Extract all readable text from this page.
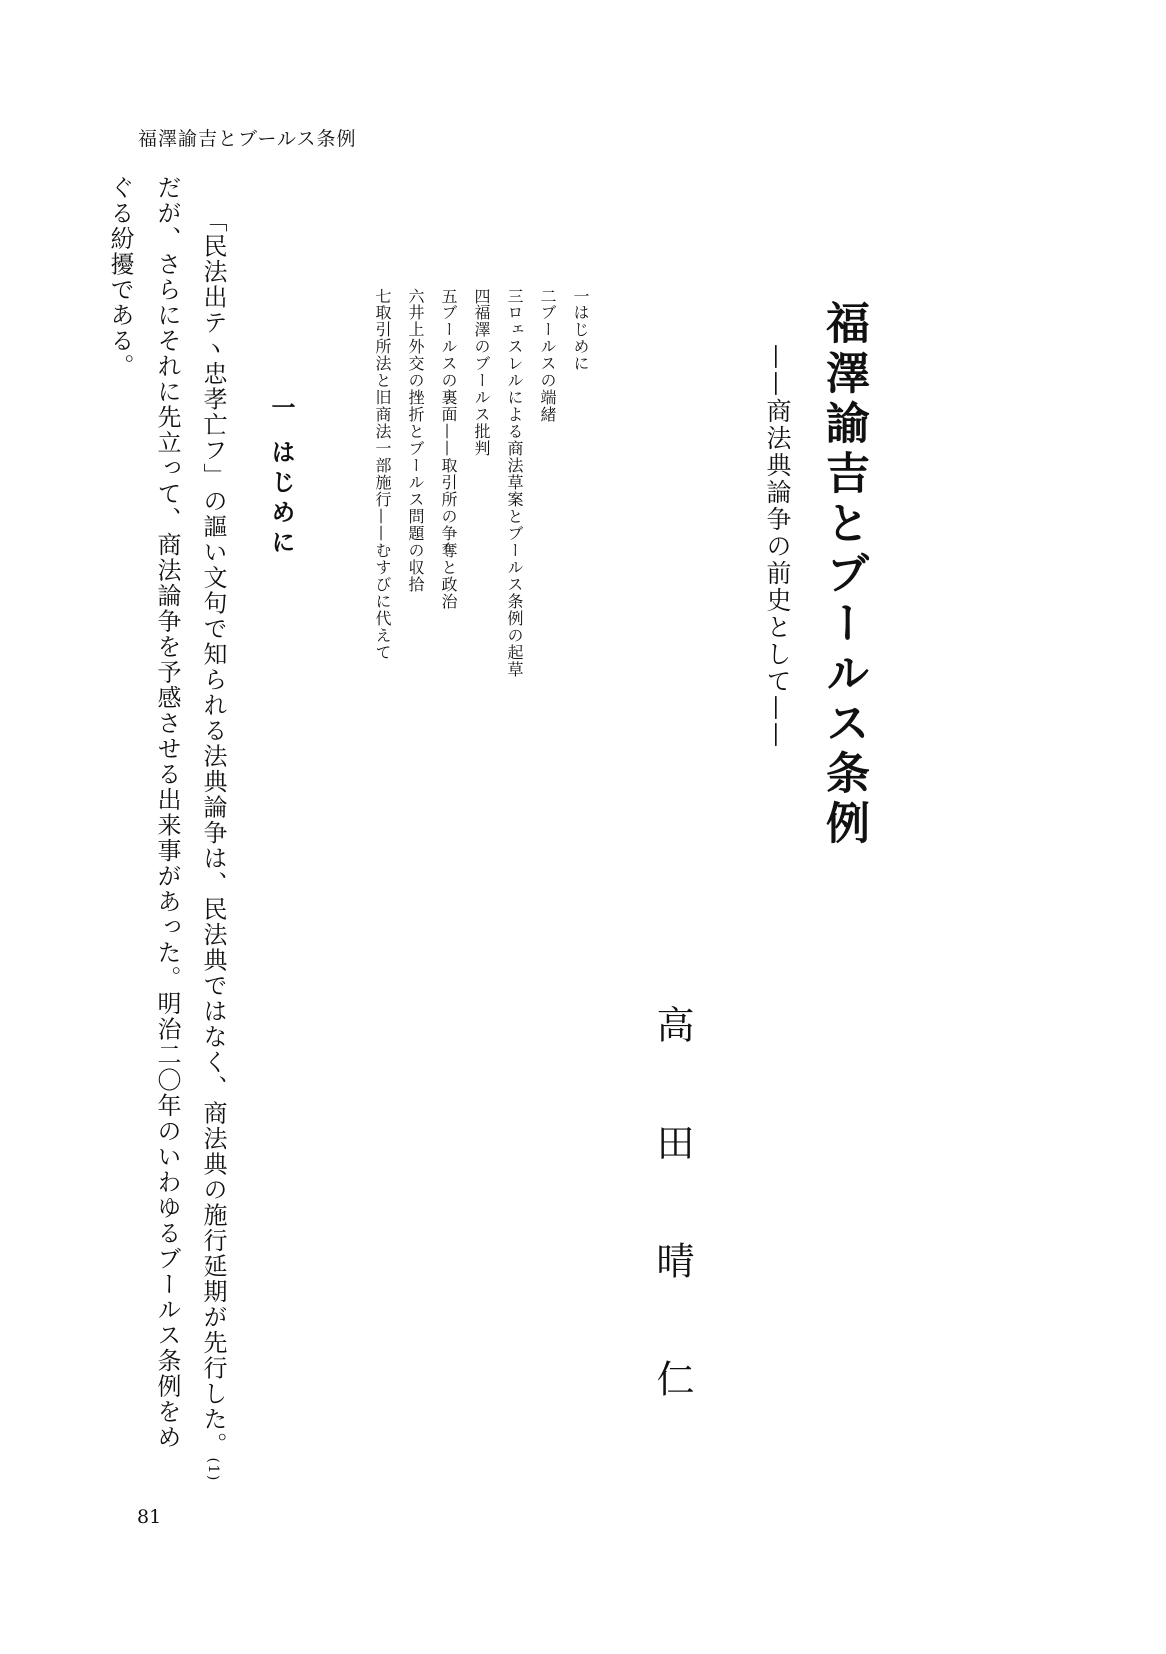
福澤諭吉とブールス条例
福澤諭吉とブールス条例
——商法典論争の前史として——
高田晴仁
一はじめに
二ブールスの端緒
三ロェスレルによる商法草案とブールス条例の起草
四福澤のブールス批判
五ブールスの裏面——取引所の争奪と政治
六井上外交の挫折とブールス問題の収拾
七取引所法と旧商法一部施行——むすびに代えて
一 はじめに
「民法出テヽ忠孝亡フ」の謳い文句で知られる法典論争は、民法典ではなく、商法典の施行延期が先行した。(1)
だが、さらにそれに先立って、商法論争を予感させる出来事があった。明治二〇年のいわゆるブールス条例をめ
ぐる紛擾である。
81
